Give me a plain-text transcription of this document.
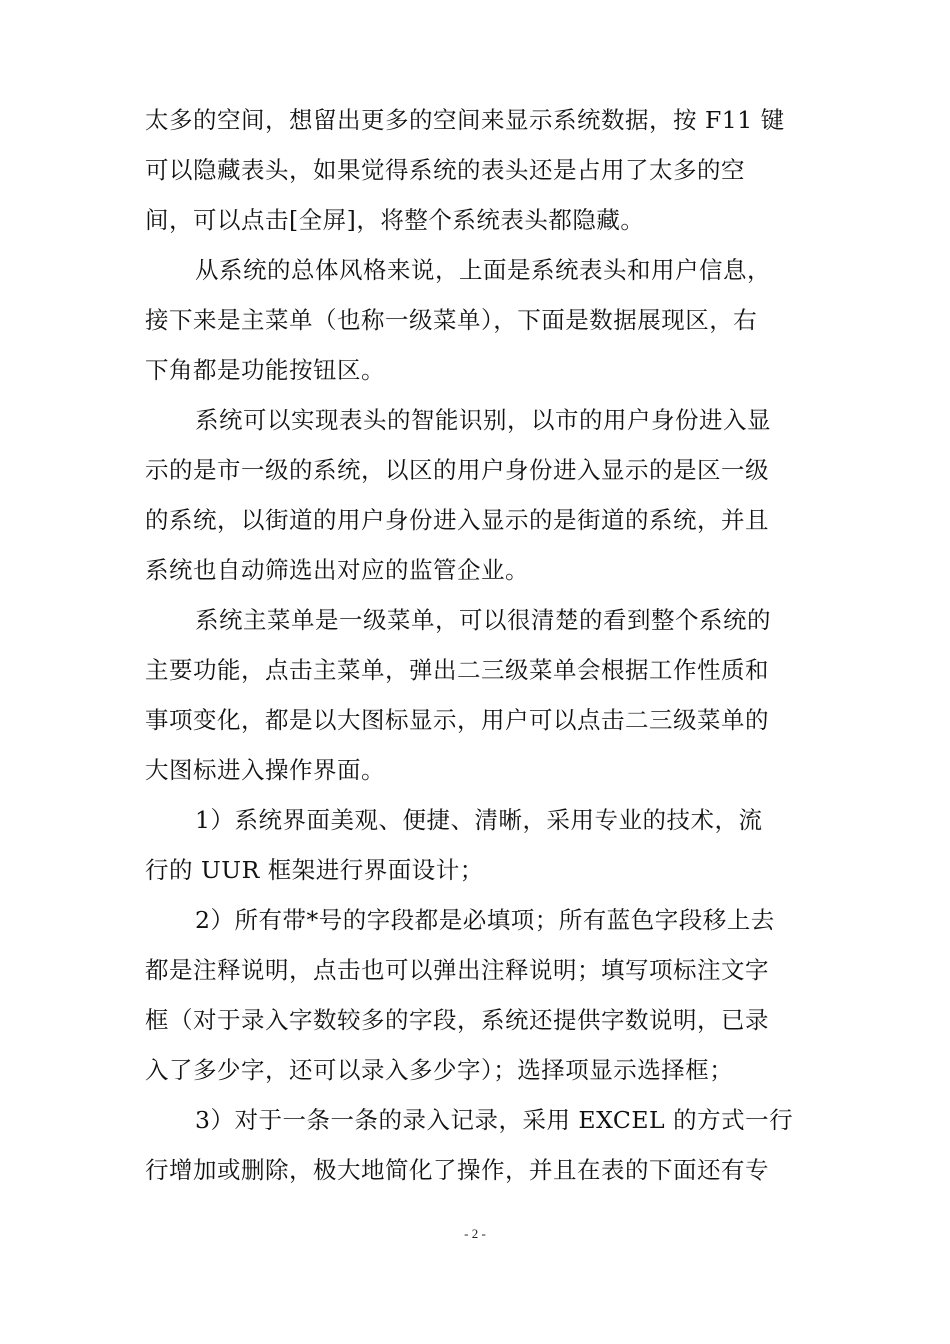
太多的空间，想留出更多的空间来显示系统数据，按 F11 键
可以隐藏表头，如果觉得系统的表头还是占用了太多的空
间，可以点击[全屏]，将整个系统表头都隐藏。
从系统的总体风格来说，上面是系统表头和用户信息，
接下来是主菜单（也称一级菜单），下面是数据展现区，右
下角都是功能按钮区。
系统可以实现表头的智能识别，以市的用户身份进入显
示的是市一级的系统，以区的用户身份进入显示的是区一级
的系统，以街道的用户身份进入显示的是街道的系统，并且
系统也自动筛选出对应的监管企业。
系统主菜单是一级菜单，可以很清楚的看到整个系统的
主要功能，点击主菜单，弹出二三级菜单会根据工作性质和
事项变化，都是以大图标显示，用户可以点击二三级菜单的
大图标进入操作界面。
1）系统界面美观、便捷、清晰，采用专业的技术，流
行的 UUR 框架进行界面设计；
2）所有带*号的字段都是必填项；所有蓝色字段移上去
都是注释说明，点击也可以弹出注释说明；填写项标注文字
框（对于录入字数较多的字段，系统还提供字数说明，已录
入了多少字，还可以录入多少字）；选择项显示选择框；
3）对于一条一条的录入记录，采用 EXCEL 的方式一行
行增加或删除，极大地简化了操作，并且在表的下面还有专
- 2 -
